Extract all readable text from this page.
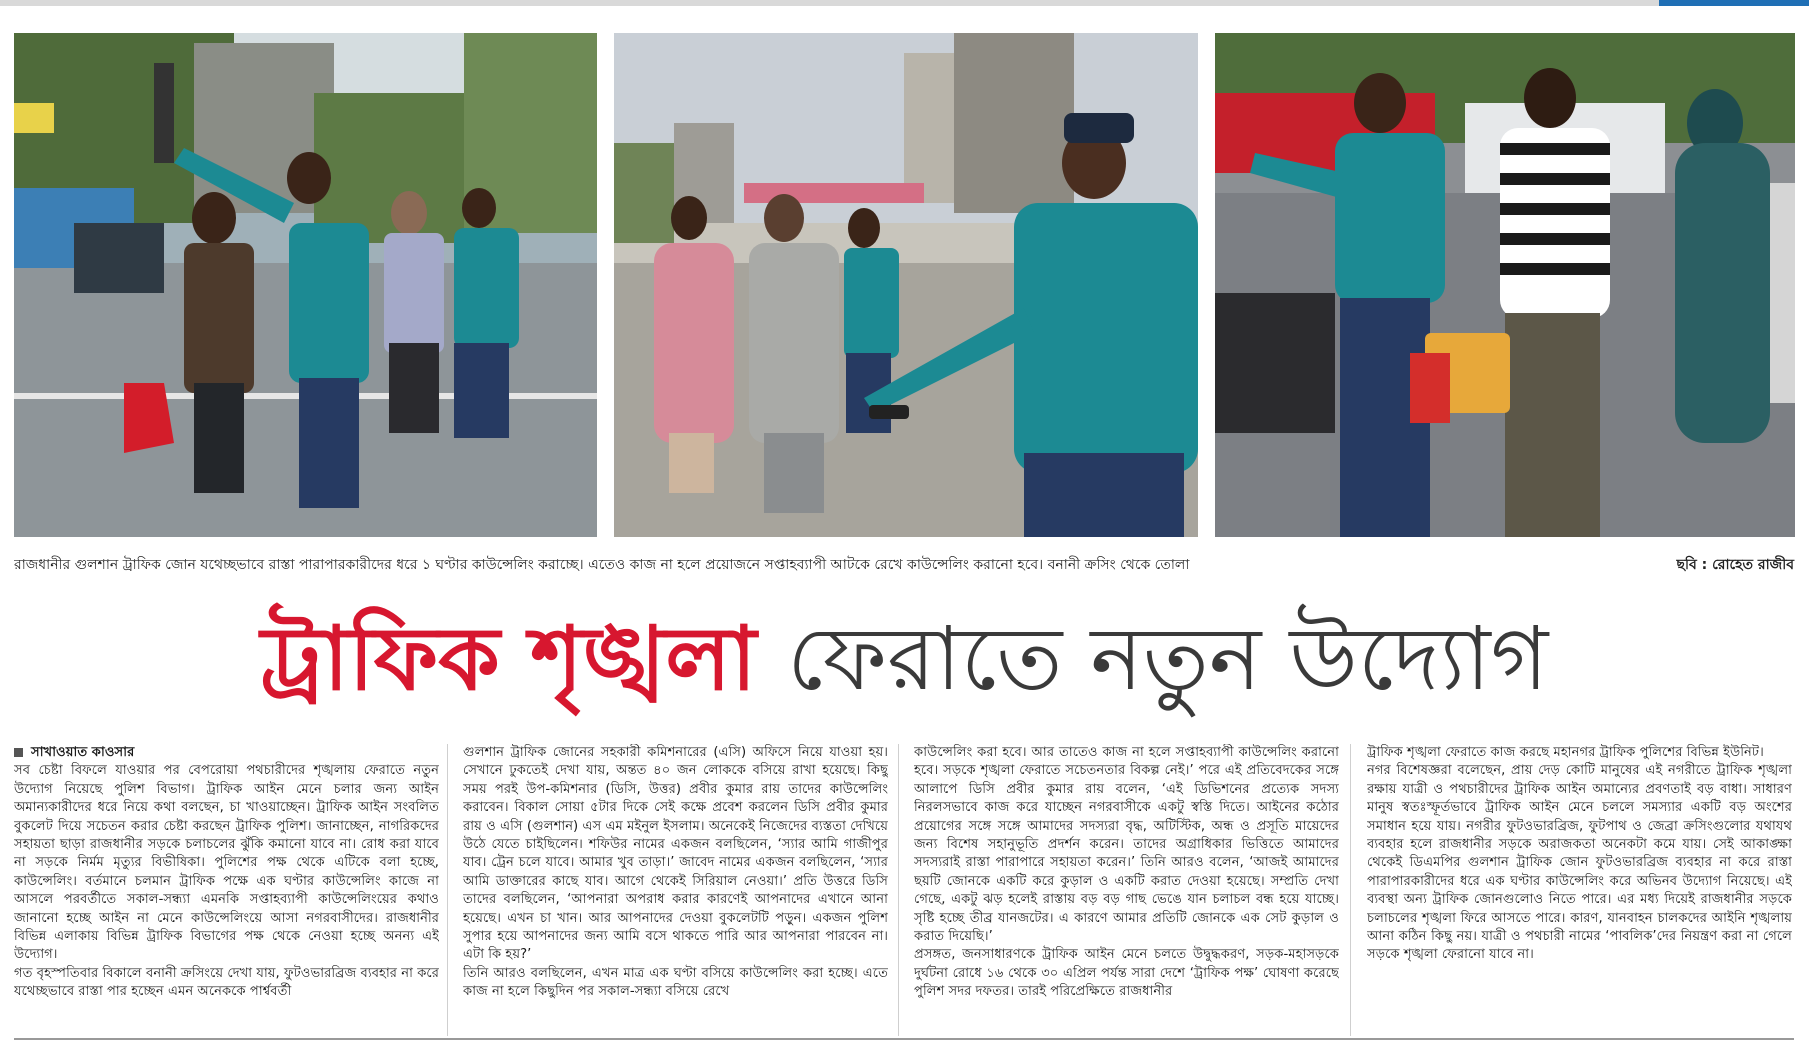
রাজধানীর গুলশান ট্রাফিক জোন যথেচ্ছভাবে রাস্তা পারাপারকারীদের ধরে ১ ঘণ্টার কাউন্সেলিং করাচ্ছে। এতেও কাজ না হলে প্রয়োজনে সপ্তাহব্যাপী আটকে রেখে কাউন্সেলিং করানো হবে। বনানী ক্রসিং থেকে তোলা	ছবি : রোহেত রাজীব
ট্রাফিক শৃঙ্খলা ফেরাতে নতুন উদ্যোগ

সাখাওয়াত কাওসার

সব চেষ্টা বিফলে যাওয়ার পর বেপরোয়া পথচারীদের শৃঙ্খলায় ফেরাতে নতুন উদ্যোগ নিয়েছে পুলিশ বিভাগ। ট্রাফিক আইন মেনে চলার জন্য আইন অমান্যকারীদের ধরে নিয়ে কথা বলছেন, চা খাওয়াচ্ছেন। ট্রাফিক আইন সংবলিত বুকলেট দিয়ে সচেতন করার চেষ্টা করছেন ট্রাফিক পুলিশ। জানাচ্ছেন, নাগরিকদের সহায়তা ছাড়া রাজধানীর সড়কে চলাচলের ঝুঁকি কমানো যাবে না। রোধ করা যাবে না সড়কে নির্মম মৃত্যুর বিভীষিকা। পুলিশের পক্ষ থেকে এটিকে বলা হচ্ছে, কাউন্সেলিং। বর্তমানে চলমান ট্রাফিক পক্ষে এক ঘণ্টার কাউন্সেলিং কাজে না আসলে পরবর্তীতে সকাল-সন্ধ্যা এমনকি সপ্তাহব্যাপী কাউন্সেলিংয়ের কথাও জানানো হচ্ছে আইন না মেনে কাউন্সেলিংয়ে আসা নগরবাসীদের। রাজধানীর বিভিন্ন এলাকায় বিভিন্ন ট্রাফিক বিভাগের পক্ষ থেকে নেওয়া হচ্ছে অনন্য এই উদ্যোগ।

গত বৃহস্পতিবার বিকালে বনানী ক্রসিংয়ে দেখা যায়, ফুটওভারব্রিজ ব্যবহার না করে যথেচ্ছভাবে রাস্তা পার হচ্ছেন এমন অনেককে পার্শ্ববর্তী

গুলশান ট্রাফিক জোনের সহকারী কমিশনারের (এসি) অফিসে নিয়ে যাওয়া হয়। সেখানে ঢুকতেই দেখা যায়, অন্তত ৪০ জন লোককে বসিয়ে রাখা হয়েছে। কিছু সময় পরই উপ-কমিশনার (ডিসি, উত্তর) প্রবীর কুমার রায় তাদের কাউন্সেলিং করাবেন। বিকাল সোয়া ৫টার দিকে সেই কক্ষে প্রবেশ করলেন ডিসি প্রবীর কুমার রায় ও এসি (গুলশান) এস এম মইনুল ইসলাম। অনেকেই নিজেদের ব্যস্ততা দেখিয়ে উঠে যেতে চাইছিলেন। শফিউর নামের একজন বলছিলেন, ‘স্যার আমি গাজীপুর যাব। ট্রেন চলে যাবে। আমার খুব তাড়া।’ জাবেদ নামের একজন বলছিলেন, ‘স্যার আমি ডাক্তারের কাছে যাব। আগে থেকেই সিরিয়াল নেওয়া।’ প্রতি উত্তরে ডিসি তাদের বলছিলেন, ‘আপনারা অপরাধ করার কারণেই আপনাদের এখানে আনা হয়েছে। এখন চা খান। আর আপনাদের দেওয়া বুকলেটটি পড়ুন। একজন পুলিশ সুপার হয়ে আপনাদের জন্য আমি বসে থাকতে পারি আর আপনারা পারবেন না। এটা কি হয়?’

তিনি আরও বলছিলেন, এখন মাত্র এক ঘণ্টা বসিয়ে কাউন্সেলিং করা হচ্ছে। এতে কাজ না হলে কিছুদিন পর সকাল-সন্ধ্যা বসিয়ে রেখে

কাউন্সেলিং করা হবে। আর তাতেও কাজ না হলে সপ্তাহব্যাপী কাউন্সেলিং করানো হবে। সড়কে শৃঙ্খলা ফেরাতে সচেতনতার বিকল্প নেই।’ পরে এই প্রতিবেদকের সঙ্গে আলাপে ডিসি প্রবীর কুমার রায় বলেন, ‘এই ডিভিশনের প্রত্যেক সদস্য নিরলসভাবে কাজ করে যাচ্ছেন নগরবাসীকে একটু স্বস্তি দিতে। আইনের কঠোর প্রয়োগের সঙ্গে সঙ্গে আমাদের সদস্যরা বৃদ্ধ, অটিস্টিক, অন্ধ ও প্রসূতি মায়েদের জন্য বিশেষ সহানুভূতি প্রদর্শন করেন। তাদের অগ্রাধিকার ভিত্তিতে আমাদের সদস্যরাই রাস্তা পারাপারে সহায়তা করেন।’ তিনি আরও বলেন, ‘আজই আমাদের ছয়টি জোনকে একটি করে কুড়াল ও একটি করাত দেওয়া হয়েছে। সম্প্রতি দেখা গেছে, একটু ঝড় হলেই রাস্তায় বড় বড় গাছ ভেঙে যান চলাচল বন্ধ হয়ে যাচ্ছে। সৃষ্টি হচ্ছে তীব্র যানজটের। এ কারণে আমার প্রতিটি জোনকে এক সেট কুড়াল ও করাত দিয়েছি।’

প্রসঙ্গত, জনসাধারণকে ট্রাফিক আইন মেনে চলতে উদ্বুদ্ধকরণ, সড়ক-মহাসড়কে দুর্ঘটনা রোধে ১৬ থেকে ৩০ এপ্রিল পর্যন্ত সারা দেশে ‘ট্রাফিক পক্ষ’ ঘোষণা করেছে পুলিশ সদর দফতর। তারই পরিপ্রেক্ষিতে রাজধানীর

ট্রাফিক শৃঙ্খলা ফেরাতে কাজ করছে মহানগর ট্রাফিক পুলিশের বিভিন্ন ইউনিট।

নগর বিশেষজ্ঞরা বলেছেন, প্রায় দেড় কোটি মানুষের এই নগরীতে ট্রাফিক শৃঙ্খলা রক্ষায় যাত্রী ও পথচারীদের ট্রাফিক আইন অমান্যের প্রবণতাই বড় বাধা। সাধারণ মানুষ স্বতঃস্ফূর্তভাবে ট্রাফিক আইন মেনে চললে সমস্যার একটি বড় অংশের সমাধান হয়ে যায়। নগরীর ফুটওভারব্রিজ, ফুটপাথ ও জেব্রা ক্রসিংগুলোর যথাযথ ব্যবহার হলে রাজধানীর সড়কে অরাজকতা অনেকটা কমে যায়। সেই আকাঙ্ক্ষা থেকেই ডিএমপির গুলশান ট্রাফিক জোন ফুটওভারব্রিজ ব্যবহার না করে রাস্তা পারাপারকারীদের ধরে এক ঘণ্টার কাউন্সেলিং করে অভিনব উদ্যোগ নিয়েছে। এই ব্যবস্থা অন্য ট্রাফিক জোনগুলোও নিতে পারে। এর মধ্য দিয়েই রাজধানীর সড়কে চলাচলের শৃঙ্খলা ফিরে আসতে পারে। কারণ, যানবাহন চালকদের আইনি শৃঙ্খলায় আনা কঠিন কিছু নয়। যাত্রী ও পথচারী নামের ‘পাবলিক’দের নিয়ন্ত্রণ করা না গেলে সড়কে শৃঙ্খলা ফেরানো যাবে না।
